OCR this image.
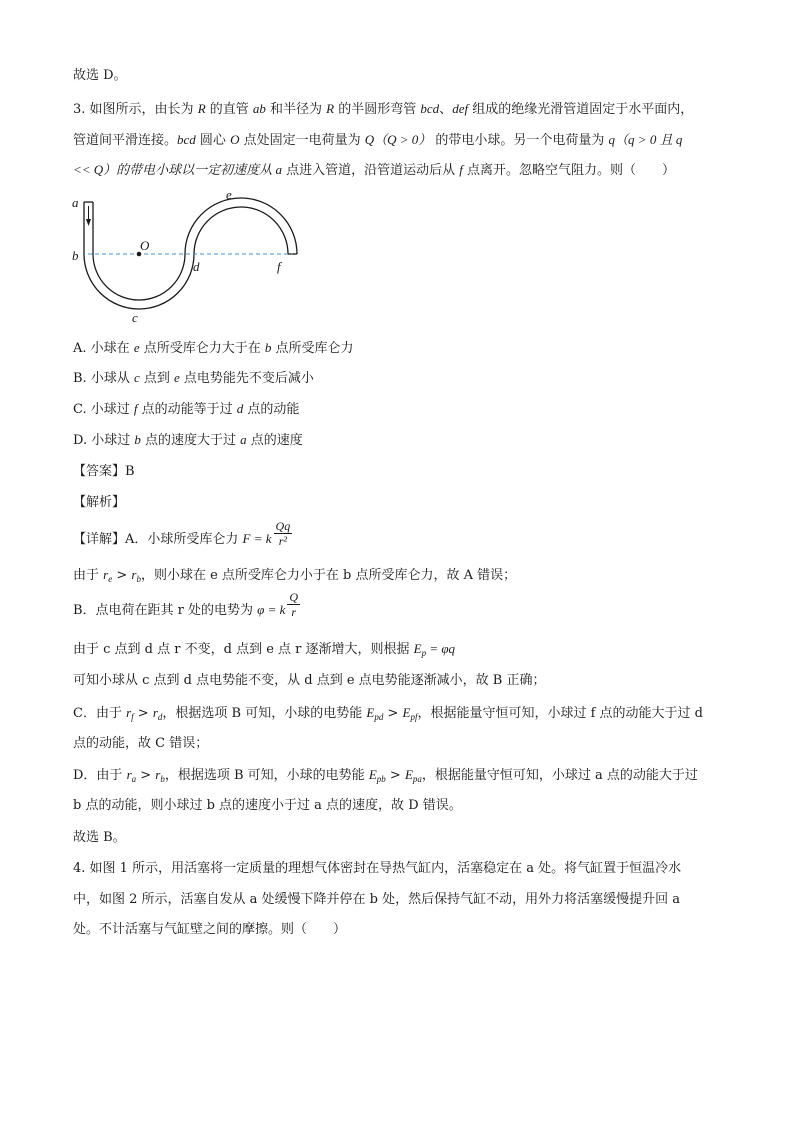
故选 D。
3. 如图所示，由长为 R 的直管 ab 和半径为 R 的半圆形弯管 bcd、def 组成的绝缘光滑管道固定于水平面内，
管道间平滑连接。bcd 圆心 O 点处固定一电荷量为 Q（Q > 0） 的带电小球。另一个电荷量为 q（q > 0 且 q
<< Q）的带电小球以一定初速度从 a 点进入管道，沿管道运动后从 f 点离开。忽略空气阻力。则（　　）
a
b
c
d
e
f
O
A. 小球在 e 点所受库仑力大于在 b 点所受库仑力
B. 小球从 c 点到 e 点电势能先不变后减小
C. 小球过 f 点的动能等于过 d 点的动能
D. 小球过 b 点的速度大于过 a 点的速度
【答案】B
【解析】
【详解】A．小球所受库仑力 F = k $\frac{Qq}{\text{r²}}$
由于 $r_e > r_b$，则小球在 e 点所受库仑力小于在 b 点所受库仑力，故 A 错误；
B．点电荷在距其 r 处的电势为 φ = k $\frac{Q}{r}$
由于 c 点到 d 点 r 不变，d 点到 e 点 r 逐渐增大，则根据 $E_p = \varphi q$
可知小球从 c 点到 d 点电势能不变，从 d 点到 e 点电势能逐渐减小，故 B 正确；
C．由于 $r_f > r_d$，根据选项 B 可知，小球的电势能 $E_{pd} > E_{pf}$，根据能量守恒可知，小球过 f 点的动能大于过 d
点的动能，故 C 错误；
D．由于 $r_a > r_b$，根据选项 B 可知，小球的电势能 $E_{pb} > E_{pa}$，根据能量守恒可知，小球过 a 点的动能大于过
b 点的动能，则小球过 b 点的速度小于过 a 点的速度，故 D 错误。
故选 B。
4. 如图 1 所示，用活塞将一定质量的理想气体密封在导热气缸内，活塞稳定在 a 处。将气缸置于恒温冷水
中，如图 2 所示，活塞自发从 a 处缓慢下降并停在 b 处，然后保持气缸不动，用外力将活塞缓慢提升回 a
处。不计活塞与气缸壁之间的摩擦。则（　　）
